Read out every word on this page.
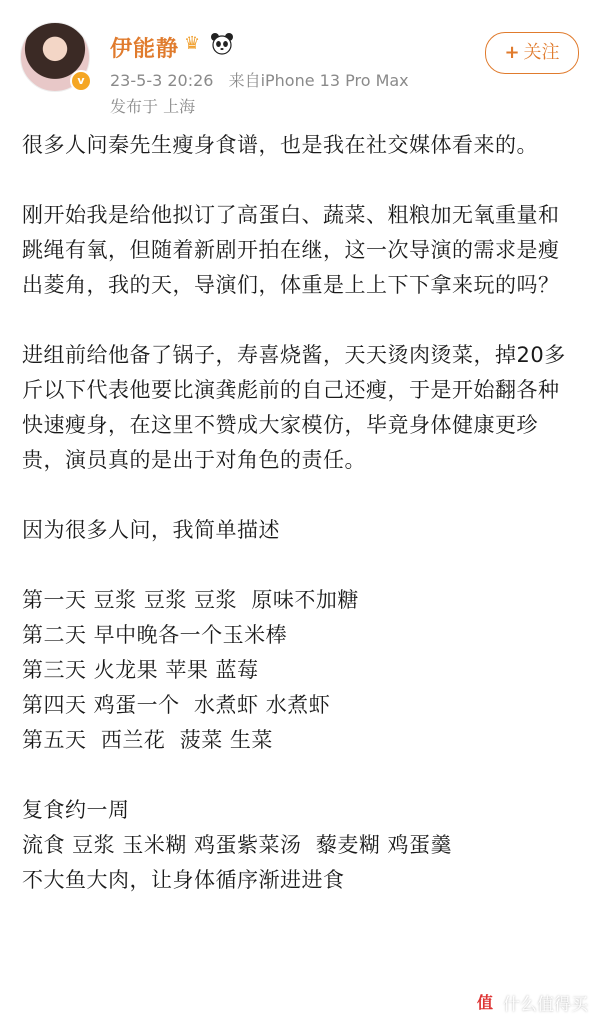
v
伊能静 ♛
23-5-3 20:26 来自iPhone 13 Pro Max
发布于 上海
+ 关注

很多人问秦先生瘦身食谱，也是我在社交媒体看来的。

刚开始我是给他拟订了高蛋白、蔬菜、粗粮加无氧重量和跳绳有氧，但随着新剧开拍在继，这一次导演的需求是瘦出菱角，我的天，导演们，体重是上上下下拿来玩的吗？

进组前给他备了锅子，寿喜烧酱，天天烫肉烫菜，掉20多斤以下代表他要比演龚彪前的自己还瘦，于是开始翻各种快速瘦身，在这里不赞成大家模仿，毕竟身体健康更珍贵，演员真的是出于对角色的责任。

因为很多人问，我简单描述

第一天 豆浆 豆浆 豆浆  原味不加糖
第二天 早中晚各一个玉米棒
第三天 火龙果 苹果 蓝莓
第四天 鸡蛋一个  水煮虾 水煮虾
第五天  西兰花  菠菜 生菜
复食约一周
流食 豆浆 玉米糊 鸡蛋紫菜汤  藜麦糊 鸡蛋羹
不大鱼大肉，让身体循序渐进进食
值 什么值得买
